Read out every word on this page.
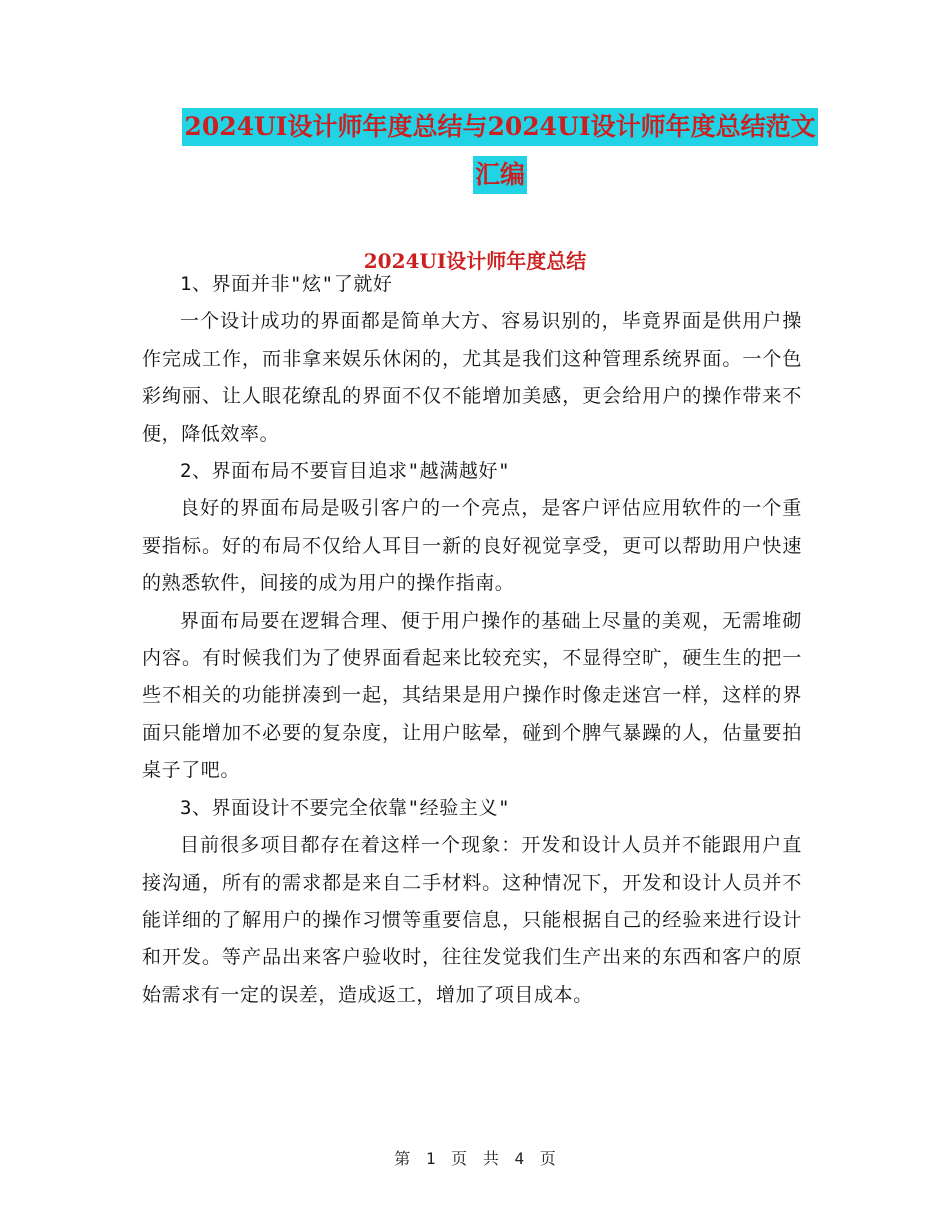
2024UI设计师年度总结与2024UI设计师年度总结范文
汇编
2024UI设计师年度总结

1、界面并非"炫"了就好

一个设计成功的界面都是简单大方、容易识别的，毕竟界面是供用户操作完成工作，而非拿来娱乐休闲的，尤其是我们这种管理系统界面。一个色彩绚丽、让人眼花缭乱的界面不仅不能增加美感，更会给用户的操作带来不便，降低效率。

2、界面布局不要盲目追求"越满越好"

良好的界面布局是吸引客户的一个亮点，是客户评估应用软件的一个重要指标。好的布局不仅给人耳目一新的良好视觉享受，更可以帮助用户快速的熟悉软件，间接的成为用户的操作指南。

界面布局要在逻辑合理、便于用户操作的基础上尽量的美观，无需堆砌内容。有时候我们为了使界面看起来比较充实，不显得空旷，硬生生的把一些不相关的功能拼凑到一起，其结果是用户操作时像走迷宫一样，这样的界面只能增加不必要的复杂度，让用户眩晕，碰到个脾气暴躁的人，估量要拍桌子了吧。

3、界面设计不要完全依靠"经验主义"

目前很多项目都存在着这样一个现象：开发和设计人员并不能跟用户直接沟通，所有的需求都是来自二手材料。这种情况下，开发和设计人员并不能详细的了解用户的操作习惯等重要信息，只能根据自己的经验来进行设计和开发。等产品出来客户验收时，往往发觉我们生产出来的东西和客户的原始需求有一定的误差，造成返工，增加了项目成本。

第 1 页 共 4 页
